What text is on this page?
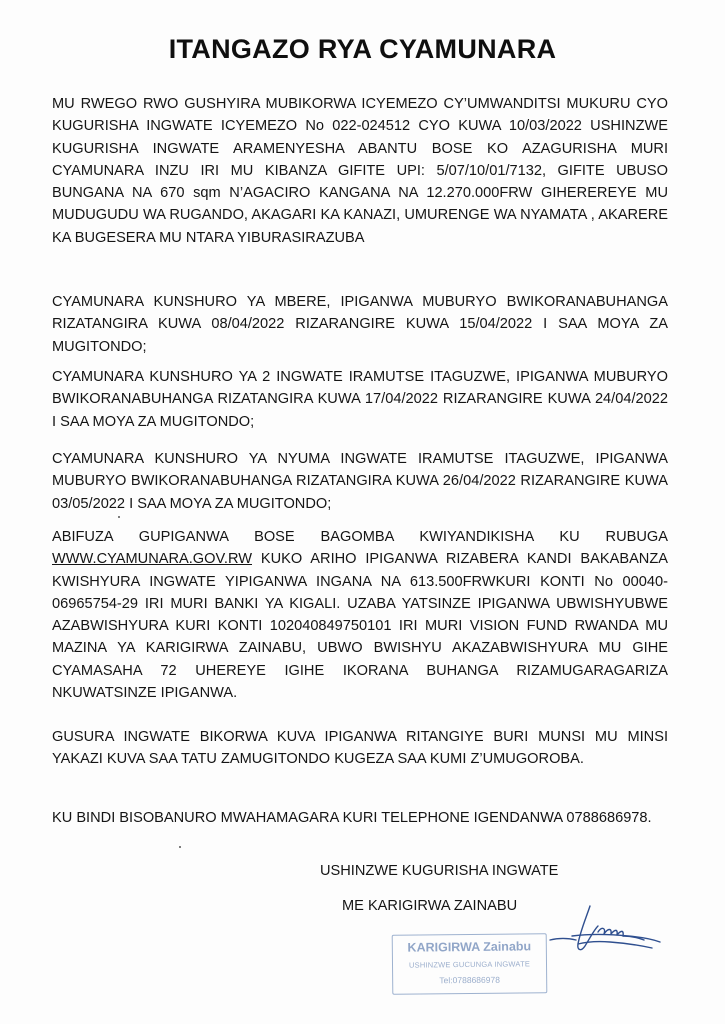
ITANGAZO RYA CYAMUNARA

MU RWEGO RWO GUSHYIRA MUBIKORWA ICYEMEZO CY’UMWANDITSI MUKURU CYO KUGURISHA INGWATE ICYEMEZO No 022-024512 CYO KUWA 10/03/2022 USHINZWE KUGURISHA INGWATE ARAMENYESHA ABANTU BOSE KO AZAGURISHA MURI CYAMUNARA INZU IRI MU KIBANZA GIFITE UPI: 5/07/10/01/7132, GIFITE UBUSO BUNGANA NA 670 sqm N’AGACIRO KANGANA NA 12.270.000FRW GIHEREREYE MU MUDUGUDU WA RUGANDO, AKAGARI KA KANAZI, UMURENGE WA NYAMATA , AKARERE KA BUGESERA MU NTARA YIBURASIRAZUBA

CYAMUNARA KUNSHURO YA MBERE, IPIGANWA MUBURYO BWIKORANABUHANGA RIZATANGIRA KUWA 08/04/2022 RIZARANGIRE KUWA 15/04/2022 I SAA MOYA ZA MUGITONDO;

CYAMUNARA KUNSHURO YA 2 INGWATE IRAMUTSE ITAGUZWE, IPIGANWA MUBURYO BWIKORANABUHANGA RIZATANGIRA KUWA 17/04/2022 RIZARANGIRE KUWA 24/04/2022 I SAA MOYA ZA MUGITONDO;

CYAMUNARA KUNSHURO YA NYUMA INGWATE IRAMUTSE ITAGUZWE, IPIGANWA MUBURYO BWIKORANABUHANGA RIZATANGIRA KUWA 26/04/2022 RIZARANGIRE KUWA 03/05/2022 I SAA MOYA ZA MUGITONDO;

ABIFUZA GUPIGANWA BOSE BAGOMBA KWIYANDIKISHA KU RUBUGA WWW.CYAMUNARA.GOV.RW KUKO ARIHO IPIGANWA RIZABERA KANDI BAKABANZA KWISHYURA INGWATE YIPIGANWA INGANA NA 613.500FRWKURI KONTI No 00040-06965754-29 IRI MURI BANKI YA KIGALI. UZABA YATSINZE IPIGANWA UBWISHYUBWE AZABWISHYURA KURI KONTI 102040849750101 IRI MURI VISION FUND RWANDA MU MAZINA YA KARIGIRWA ZAINABU, UBWO BWISHYU AKAZABWISHYURA MU GIHE CYAMASAHA 72 UHEREYE IGIHE IKORANA BUHANGA RIZAMUGARAGARIZA NKUWATSINZE IPIGANWA.

GUSURA INGWATE BIKORWA KUVA IPIGANWA RITANGIYE BURI MUNSI MU MINSI YAKAZI KUVA SAA TATU ZAMUGITONDO KUGEZA SAA KUMI Z’UMUGOROBA.

KU BINDI BISOBANURO MWAHAMAGARA KURI TELEPHONE IGENDANWA 0788686978.

USHINZWE KUGURISHA INGWATE
ME KARIGIRWA ZAINABU
KARIGIRWA Zainabu
USHINZWE GUCUNGA INGWATE
Tel:0788686978
